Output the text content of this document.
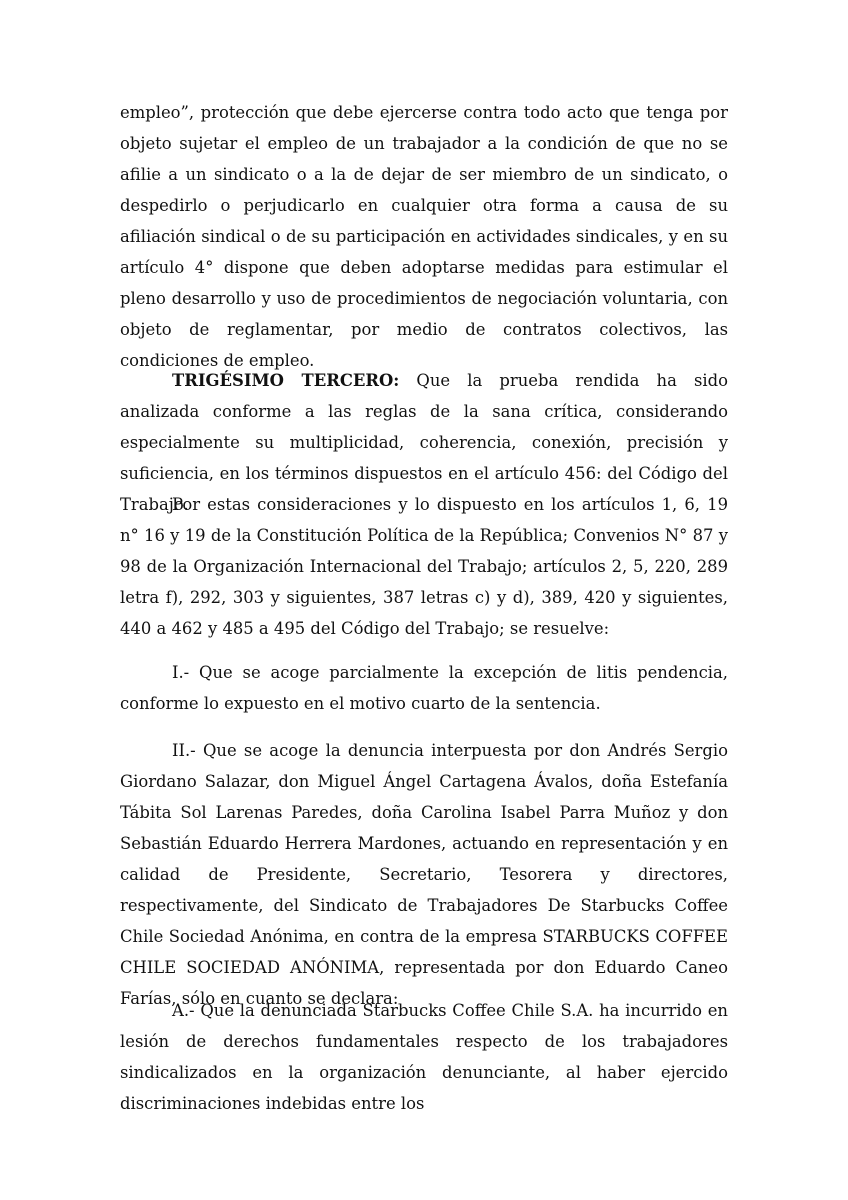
empleo”, protección que debe ejercerse contra todo acto que tenga por objeto sujetar el empleo de un trabajador a la condición de que no se afilie a un sindicato o a la de dejar de ser miembro de un sindicato, o despedirlo o perjudicarlo en cualquier otra forma a causa de su afiliación sindical o de su participación en actividades sindicales, y en su artículo 4° dispone que deben adoptarse medidas para estimular el pleno desarrollo y uso de procedimientos de negociación voluntaria, con objeto de reglamentar, por medio de contratos colectivos, las condiciones de empleo.

TRIGÉSIMO TERCERO: Que la prueba rendida ha sido analizada conforme a las reglas de la sana crítica, considerando especialmente su multiplicidad, coherencia, conexión, precisión y suficiencia, en los términos dispuestos en el artículo 456: del Código del Trabajo.

Por estas consideraciones y lo dispuesto en los artículos 1, 6, 19 n° 16 y 19 de la Constitución Política de la República; Convenios N° 87 y 98 de la Organización Internacional del Trabajo; artículos 2, 5, 220, 289 letra f), 292, 303 y siguientes, 387 letras c) y d), 389, 420 y siguientes, 440 a 462 y 485 a 495 del Código del Trabajo; se resuelve:

I.- Que se acoge parcialmente la excepción de litis pendencia, conforme lo expuesto en el motivo cuarto de la sentencia.

II.- Que se acoge la denuncia interpuesta por don Andrés Sergio Giordano Salazar, don Miguel Ángel Cartagena Ávalos, doña Estefanía Tábita Sol Larenas Paredes, doña Carolina Isabel Parra Muñoz y don Sebastián Eduardo Herrera Mardones, actuando en representación y en calidad de Presidente, Secretario, Tesorera y directores, respectivamente, del Sindicato de Trabajadores De Starbucks Coffee Chile Sociedad Anónima, en contra de la empresa STARBUCKS COFFEE CHILE SOCIEDAD ANÓNIMA, representada por don Eduardo Caneo Farías, sólo en cuanto se declara:

A.- Que la denunciada Starbucks Coffee Chile S.A. ha incurrido en lesión de derechos fundamentales respecto de los trabajadores sindicalizados en la organización denunciante, al haber ejercido discriminaciones indebidas entre los
